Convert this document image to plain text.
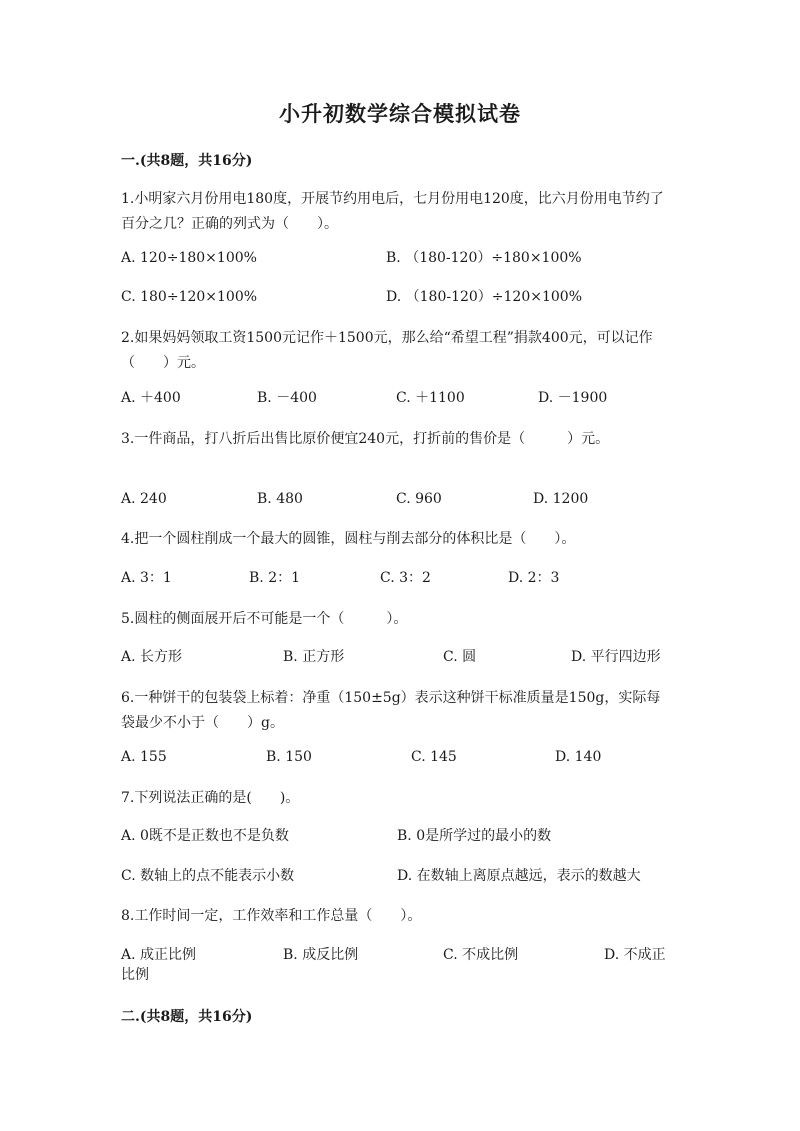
小升初数学综合模拟试卷
一.(共8题，共16分)
1.小明家六月份用电180度，开展节约用电后，七月份用电120度，比六月份用电节约了百分之几？正确的列式为（　　）。
A. 120÷180×100%	B. （180-120）÷180×100%
C. 180÷120×100%	D. （180-120）÷120×100%
2.如果妈妈领取工资1500元记作＋1500元，那么给“希望工程”捐款400元，可以记作（　　）元。
A. ＋400	B. －400	C. ＋1100	D. －1900
3.一件商品，打八折后出售比原价便宜240元，打折前的售价是（　　　）元。
A. 240	B. 480	C. 960	D. 1200
4.把一个圆柱削成一个最大的圆锥，圆柱与削去部分的体积比是（　　）。
A. 3：1	B. 2：1	C. 3：2	D. 2：3
5.圆柱的侧面展开后不可能是一个（　　　）。
A. 长方形	B. 正方形	C. 圆	D. 平行四边形
6.一种饼干的包装袋上标着：净重（150±5g）表示这种饼干标准质量是150g，实际每袋最少不小于（　　）g。
A. 155	B. 150	C. 145	D. 140
7.下列说法正确的是(　　)。
A. 0既不是正数也不是负数	B. 0是所学过的最小的数
C. 数轴上的点不能表示小数	D. 在数轴上离原点越远，表示的数越大
8.工作时间一定，工作效率和工作总量（　　）。
A. 成正比例	B. 成反比例	C. 不成比例	D. 不成正比例
二.(共8题，共16分)
